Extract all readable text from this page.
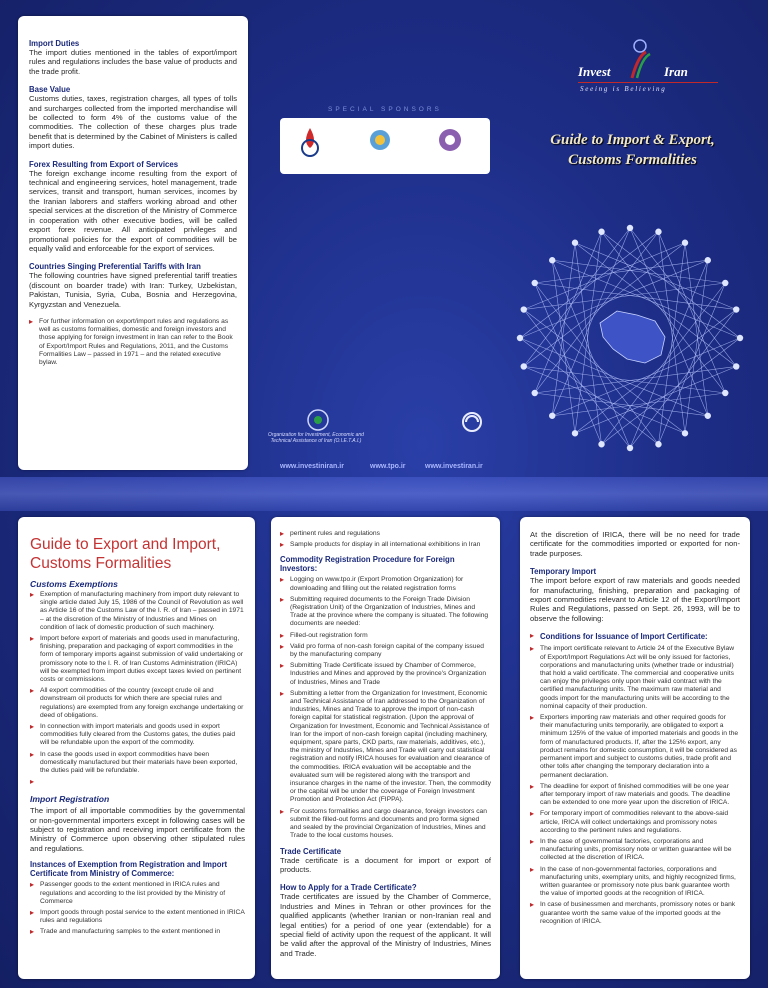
Import Duties

The import duties mentioned in the tables of export/import rules and regulations includes the base value of products and the trade profit.

Base Value

Customs duties, taxes, registration charges, all types of tolls and surcharges collected from the imported merchandise will be collected to form 4% of the customs value of the commodities. The collection of these charges plus trade benefit that is determined by the Cabinet of Ministers is called import duties.

Forex Resulting from Export of Services

The foreign exchange income resulting from the export of technical and engineering services, hotel management, trade services, transit and transport, human services, incomes by the Iranian laborers and staffers working abroad and other special services at the discretion of the Ministry of Commerce in cooperation with other executive bodies, will be called export forex revenue. All anticipated privileges and promotional policies for the export of commodities will be equally valid and enforceable for the export of services.

Countries Singing Preferential Tariffs with Iran

The following countries have signed preferential tariff treaties (discount on boarder trade) with Iran: Turkey, Uzbekistan, Pakistan, Tunisia, Syria, Cuba, Bosnia and Herzegovina, Kyrgyzstan and Venezuela.

▸ For further information on export/import rules and regulations as well as customs formalities, domestic and foreign investors and those applying for foreign investment in Iran can refer to the Book of Export/Import Rules and Regulations, 2011, and the Customs Formalities Law – passed in 1971 – and the related executive bylaw.
Invest	Iran
S e e i n g   i s   B e l i e v i n g
SPECIAL SPONSORS
Guide to Import & Export,
Customs Formalities
Organization for Investment, Economic and Technical Assistance of Iran (O.I.E.T.A.I.)
www.investiniran.ir	www.tpo.ir	www.investiran.ir
Guide to Export and Import, Customs Formalities
Customs Exemptions
▸ Exemption of manufacturing machinery from import duty relevant to single article dated July 15, 1986 of the Council of Revolution as well as Article 16 of the Customs Law of the I. R. of Iran – passed in 1971 – at the discretion of the Ministry of Industries and Mines on condition of lack of domestic production of such machinery.
▸ Import before export of materials and goods used in manufacturing, finishing, preparation and packaging of export commodities in the form of temporary imports against submission of valid undertaking or promissory note to the I. R. of Iran Customs Administration (IRICA) will be exempted from import duties except taxes levied on pertinent costs or commissions.
▸ All export commodities of the country (except crude oil and downstream oil products for which there are special rules and regulations) are exempted from any foreign exchange undertaking or deed of obligations.
▸ In connection with import materials and goods used in export commodities fully cleared from the Customs gates, the duties paid will be refundable upon the export of the commodity.
▸ In case the goods used in export commodities have been domestically manufactured but their materials have been exported, the duties paid will be refundable.
▸
Import Registration

The import of all importable commodities by the governmental or non-governmental importers except in following cases will be subject to registration and receiving import certificate from the Ministry of Commerce upon observing other stipulated rules and regulations.

Instances of Exemption from Registration and Import Certificate from Ministry of Commerce:
▸ Passenger goods to the extent mentioned in IRICA rules and regulations and according to the list provided by the Ministry of Commerce
▸ Import goods through postal service to the extent mentioned in IRICA rules and regulations
▸ Trade and manufacturing samples to the extent mentioned in
▸ pertinent rules and regulations
▸ Sample products for display in all international exhibitions in Iran
Commodity Registration Procedure for Foreign Investors:
▸ Logging on www.tpo.ir (Export Promotion Organization) for downloading and filling out the related registration forms
▸ Submitting required documents to the Foreign Trade Division (Registration Unit) of the Organization of Industries, Mines and Trade at the province where the company is situated. The following documents are needed:
▸ Filled-out registration form
▸ Valid pro forma of non-cash foreign capital of the company issued by the manufacturing company
▸ Submitting Trade Certificate issued by Chamber of Commerce, Industries and Mines and approved by the province's Organization of Industries, Mines and Trade
▸ Submitting a letter from the Organization for Investment, Economic and Technical Assistance of Iran addressed to the Organization of Industries, Mines and Trade to approve the import of non-cash foreign capital for statistical registration. (Upon the approval of Organization for Investment, Economic and Technical Assistance of Iran for the import of non-cash foreign capital (including machinery, equipment, spare parts, CKD parts, raw materials, additives, etc.), the ministry of Industries, Mines and Trade will carry out statistical registration and notify IRICA houses for evaluation and clearance of the commodities. IRICA evaluation will be acceptable and the evaluated sum will be registered along with the transport and insurance charges in the name of the investor. Then, the commodity or the capital will be under the coverage of Foreign Investment Promotion and Protection Act (FIPPA).
▸ For customs formalities and cargo clearance, foreign investors can submit the filled-out forms and documents and pro forma signed and sealed by the provincial Organization of Industries, Mines and Trade to the local customs houses.
Trade Certificate

Trade certificate is a document for import or export of products.

How to Apply for a Trade Certificate?

Trade certificates are issued by the Chamber of Commerce, Industries and Mines in Tehran or other provinces for the qualified applicants (whether Iranian or non-Iranian real and legal entities) for a period of one year (extendable) for a special field of activity upon the request of the applicant. It will be valid after the approval of the Ministry of Industries, Mines and Trade.

At the discretion of IRICA, there will be no need for trade certificate for the commodities imported or exported for non-trade purposes.

Temporary Import

The import before export of raw materials and goods needed for manufacturing, finishing, preparation and packaging of export commodities relevant to Article 12 of the Export/Import Rules and Regulations, passed on Sept. 26, 1993, will be to observe the following:

▸ Conditions for Issuance of Import Certificate:
▸ The import certificate relevant to Article 24 of the Executive Bylaw of Export/Import Regulations Act will be only issued for factories, corporations and manufacturing units (whether trade or industrial) that hold a valid certificate. The commercial and cooperative units can enjoy the privileges only upon their valid contract with the certified manufacturing units. The maximum raw material and goods import for the manufacturing units will be according to the nominal capacity of their production.
▸ Exporters importing raw materials and other required goods for their manufacturing units temporarily, are obligated to export a minimum 125% of the value of imported materials and goods in the form of manufactured products. If, after the 125% export, any product remains for domestic consumption, it will be considered as permanent import and subject to customs duties, trade profit and other tolls after changing the temporary declaration into a permanent declaration.
▸ The deadline for export of finished commodities will be one year after temporary import of raw materials and goods. The deadline can be extended to one more year upon the discretion of IRICA.
▸ For temporary import of commodities relevant to the above-said article, IRICA will collect undertakings and promissory notes according to the pertinent rules and regulations.
▸ In the case of governmental factories, corporations and manufacturing units, promissory note or written guarantee will be collected at the discretion of IRICA.
▸ In the case of non-governmental factories, corporations and manufacturing units, exemplary units, and highly recognized firms, written guarantee or promissory note plus bank guarantee worth the value of imported goods at the recognition of IRICA.
▸ In case of businessmen and merchants, promissory notes or bank guarantee worth the same value of the imported goods at the recognition of IRICA.
